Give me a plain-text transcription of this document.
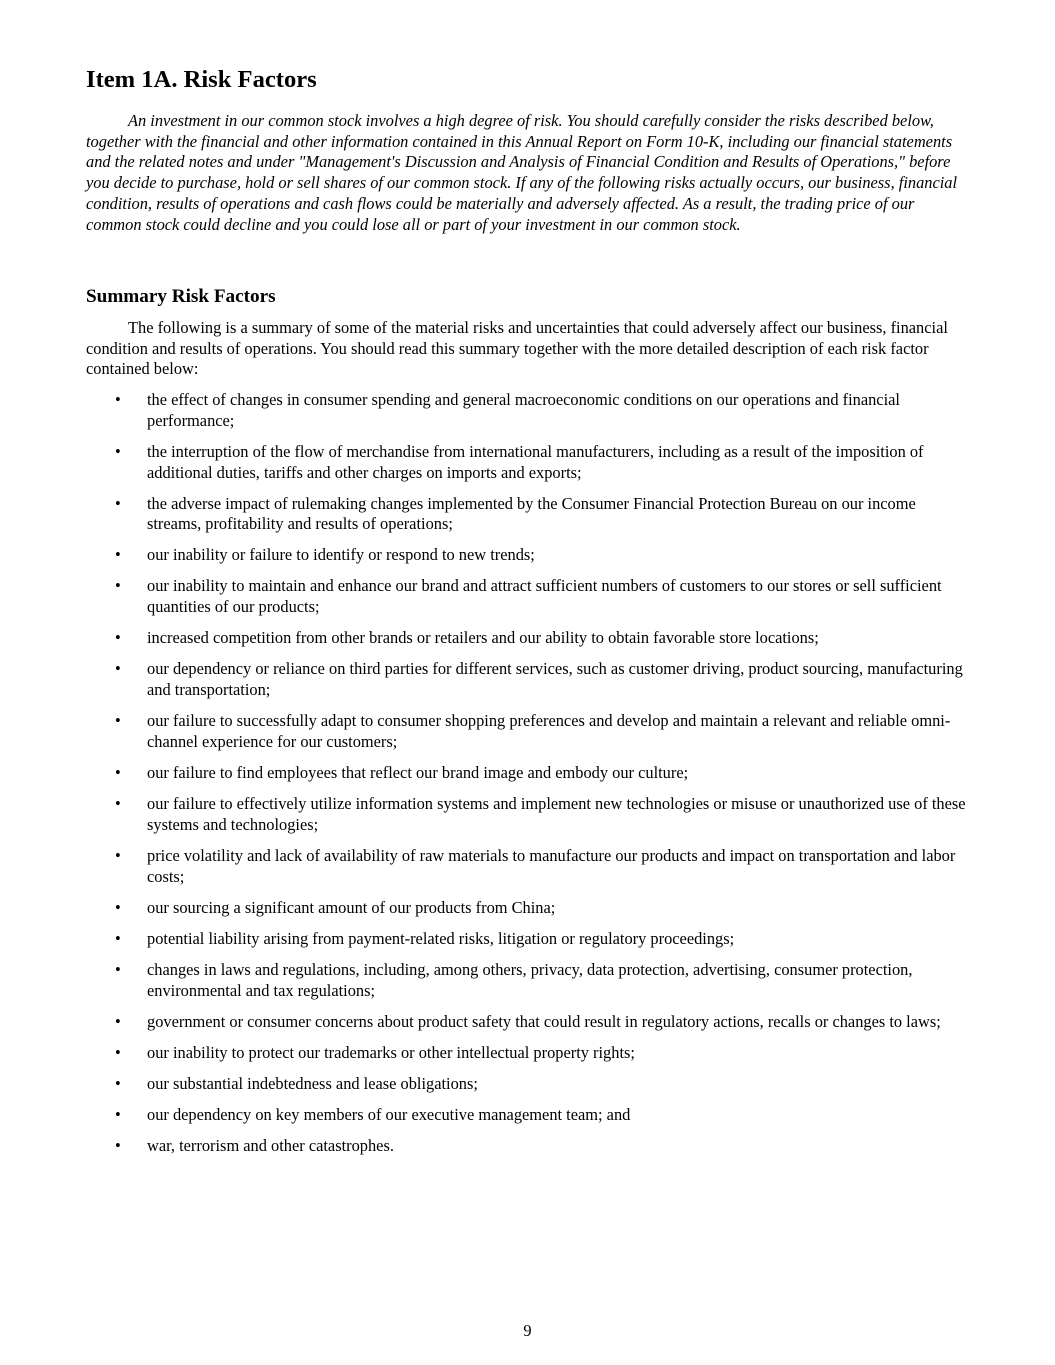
Item 1A. Risk Factors

An investment in our common stock involves a high degree of risk. You should carefully consider the risks described below, together with the financial and other information contained in this Annual Report on Form 10-K, including our financial statements and the related notes and under "Management's Discussion and Analysis of Financial Condition and Results of Operations," before you decide to purchase, hold or sell shares of our common stock. If any of the following risks actually occurs, our business, financial condition, results of operations and cash flows could be materially and adversely affected. As a result, the trading price of our common stock could decline and you could lose all or part of your investment in our common stock.

Summary Risk Factors

The following is a summary of some of the material risks and uncertainties that could adversely affect our business, financial condition and results of operations. You should read this summary together with the more detailed description of each risk factor contained below:

• the effect of changes in consumer spending and general macroeconomic conditions on our operations and financial performance;
• the interruption of the flow of merchandise from international manufacturers, including as a result of the imposition of additional duties, tariffs and other charges on imports and exports;
• the adverse impact of rulemaking changes implemented by the Consumer Financial Protection Bureau on our income streams, profitability and results of operations;
• our inability or failure to identify or respond to new trends;
• our inability to maintain and enhance our brand and attract sufficient numbers of customers to our stores or sell sufficient quantities of our products;
• increased competition from other brands or retailers and our ability to obtain favorable store locations;
• our dependency or reliance on third parties for different services, such as customer driving, product sourcing, manufacturing and transportation;
• our failure to successfully adapt to consumer shopping preferences and develop and maintain a relevant and reliable omni-channel experience for our customers;
• our failure to find employees that reflect our brand image and embody our culture;
• our failure to effectively utilize information systems and implement new technologies or misuse or unauthorized use of these systems and technologies;
• price volatility and lack of availability of raw materials to manufacture our products and impact on transportation and labor costs;
• our sourcing a significant amount of our products from China;
• potential liability arising from payment-related risks, litigation or regulatory proceedings;
• changes in laws and regulations, including, among others, privacy, data protection, advertising, consumer protection, environmental and tax regulations;
• government or consumer concerns about product safety that could result in regulatory actions, recalls or changes to laws;
• our inability to protect our trademarks or other intellectual property rights;
• our substantial indebtedness and lease obligations;
• our dependency on key members of our executive management team; and
• war, terrorism and other catastrophes.
9
